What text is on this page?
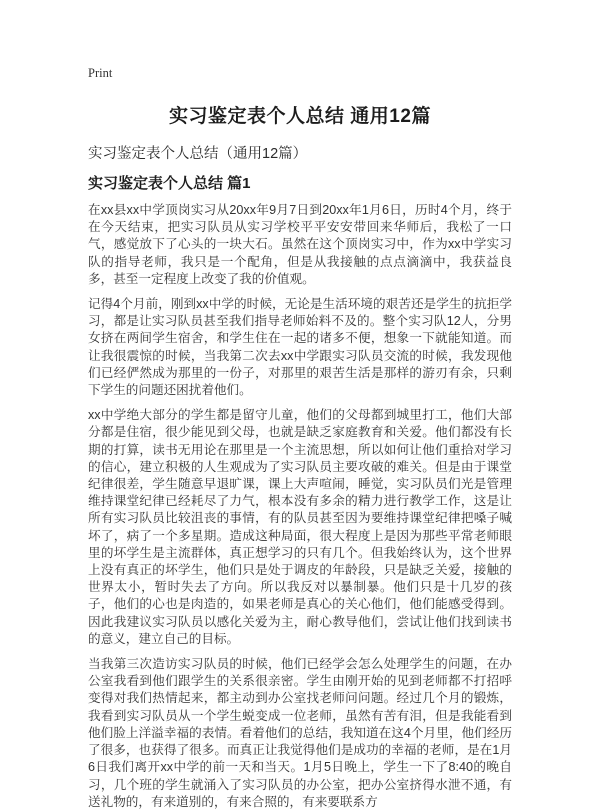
Print
实习鉴定表个人总结 通用12篇
实习鉴定表个人总结（通用12篇）
实习鉴定表个人总结 篇1

在xx县xx中学顶岗实习从20xx年9月7日到20xx年1月6日，历时4个月，终于在今天结束，把实习队员从实习学校平平安安带回来华师后，我松了一口气，感觉放下了心头的一块大石。虽然在这个顶岗实习中，作为xx中学实习队的指导老师，我只是一个配角，但是从我接触的点点滴滴中，我获益良多，甚至一定程度上改变了我的价值观。

记得4个月前，刚到xx中学的时候，无论是生活环境的艰苦还是学生的抗拒学习，都是让实习队员甚至我们指导老师始料不及的。整个实习队12人，分男女挤在两间学生宿舍，和学生住在一起的诸多不便，想象一下就能知道。而让我很震惊的时候，当我第二次去xx中学跟实习队员交流的时候，我发现他们已经俨然成为那里的一份子，对那里的艰苦生活是那样的游刃有余，只剩下学生的问题还困扰着他们。

xx中学绝大部分的学生都是留守儿童，他们的父母都到城里打工，他们大部分都是住宿，很少能见到父母，也就是缺乏家庭教育和关爱。他们都没有长期的打算，读书无用论在那里是一个主流思想，所以如何让他们重拾对学习的信心，建立积极的人生观成为了实习队员主要攻破的难关。但是由于课堂纪律很差，学生随意早退旷课，课上大声喧闹，睡觉，实习队员们光是管理维持课堂纪律已经耗尽了力气，根本没有多余的精力进行教学工作，这是让所有实习队员比较沮丧的事情，有的队员甚至因为要维持课堂纪律把嗓子喊坏了，病了一个多星期。造成这种局面，很大程度上是因为那些平常老师眼里的坏学生是主流群体，真正想学习的只有几个。但我始终认为，这个世界上没有真正的坏学生，他们只是处于调皮的年龄段，只是缺乏关爱，接触的世界太小，暂时失去了方向。所以我反对以暴制暴。他们只是十几岁的孩子，他们的心也是肉造的，如果老师是真心的关心他们，他们能感受得到。因此我建议实习队员以感化关爱为主，耐心教导他们，尝试让他们找到读书的意义，建立自己的目标。

当我第三次造访实习队员的时候，他们已经学会怎么处理学生的问题，在办公室我看到他们跟学生的关系很亲密。学生由刚开始的见到老师都不打招呼变得对我们热情起来，都主动到办公室找老师问问题。经过几个月的锻炼，我看到实习队员从一个学生蜕变成一位老师，虽然有苦有泪，但是我能看到他们脸上洋溢幸福的表情。看着他们的总结，我知道在这4个月里，他们经历了很多，也获得了很多。而真正让我觉得他们是成功的幸福的老师，是在1月6日我们离开xx中学的前一天和当天。1月5日晚上，学生一下了8:40的晚自习，几个班的学生就涌入了实习队员的办公室，把办公室挤得水泄不通，有送礼物的，有来道别的，有来合照的，有来要联系方
